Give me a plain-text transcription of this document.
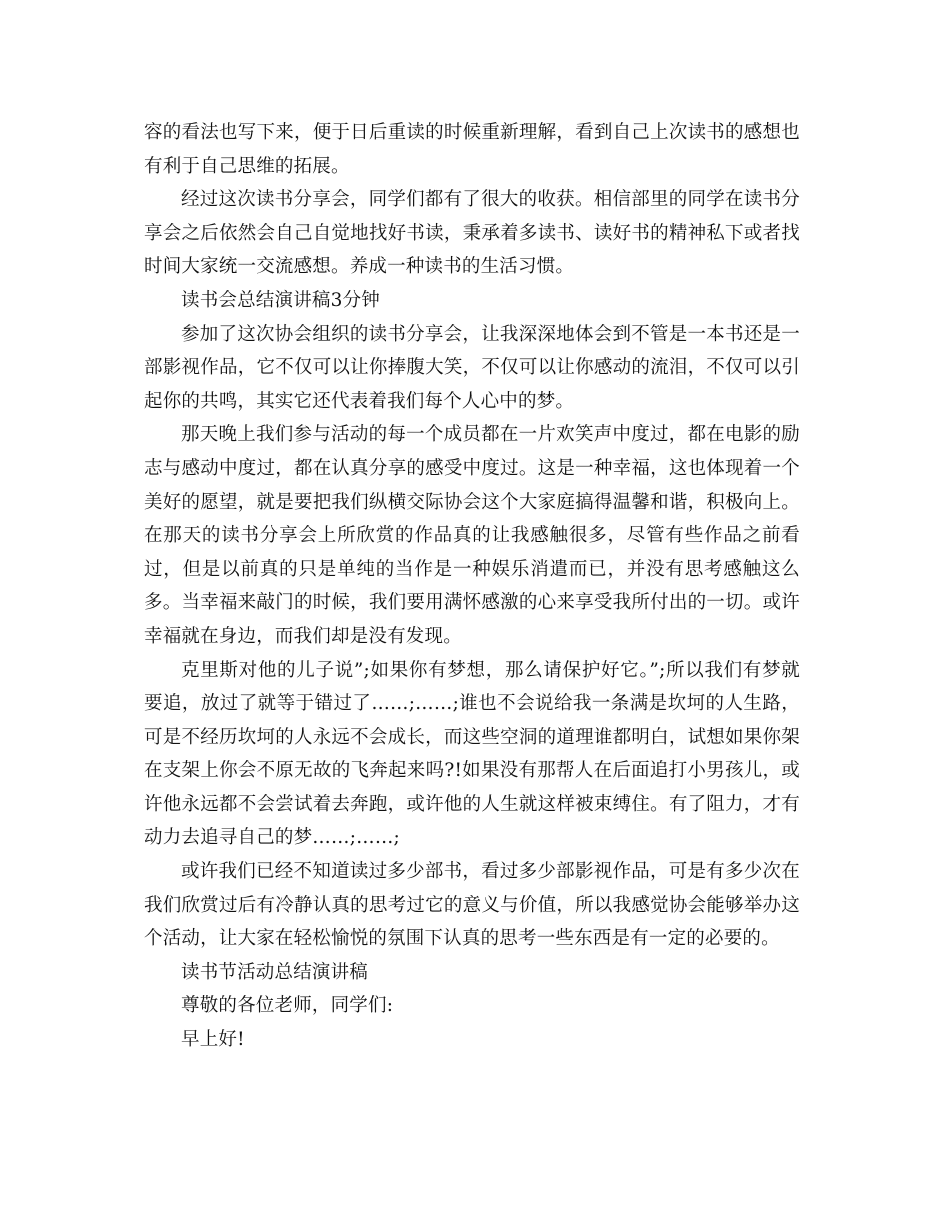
容的看法也写下来，便于日后重读的时候重新理解，看到自己上次读书的感想也有利于自己思维的拓展。

经过这次读书分享会，同学们都有了很大的收获。相信部里的同学在读书分享会之后依然会自己自觉地找好书读，秉承着多读书、读好书的精神私下或者找时间大家统一交流感想。养成一种读书的生活习惯。

读书会总结演讲稿3分钟

参加了这次协会组织的读书分享会，让我深深地体会到不管是一本书还是一部影视作品，它不仅可以让你捧腹大笑，不仅可以让你感动的流泪，不仅可以引起你的共鸣，其实它还代表着我们每个人心中的梦。

那天晚上我们参与活动的每一个成员都在一片欢笑声中度过，都在电影的励志与感动中度过，都在认真分享的感受中度过。这是一种幸福，这也体现着一个美好的愿望，就是要把我们纵横交际协会这个大家庭搞得温馨和谐，积极向上。在那天的读书分享会上所欣赏的作品真的让我感触很多，尽管有些作品之前看过，但是以前真的只是单纯的当作是一种娱乐消遣而已，并没有思考感触这么多。当幸福来敲门的时候，我们要用满怀感激的心来享受我所付出的一切。或许幸福就在身边，而我们却是没有发现。

克里斯对他的儿子说”;如果你有梦想，那么请保护好它。”;所以我们有梦就要追，放过了就等于错过了……;……;谁也不会说给我一条满是坎坷的人生路，可是不经历坎坷的人永远不会成长，而这些空洞的道理谁都明白，试想如果你架在支架上你会不原无故的飞奔起来吗?!如果没有那帮人在后面追打小男孩儿，或许他永远都不会尝试着去奔跑，或许他的人生就这样被束缚住。有了阻力，才有动力去追寻自己的梦……;……;

或许我们已经不知道读过多少部书，看过多少部影视作品，可是有多少次在我们欣赏过后有冷静认真的思考过它的意义与价值，所以我感觉协会能够举办这个活动，让大家在轻松愉悦的氛围下认真的思考一些东西是有一定的必要的。

读书节活动总结演讲稿

尊敬的各位老师，同学们:

早上好!
